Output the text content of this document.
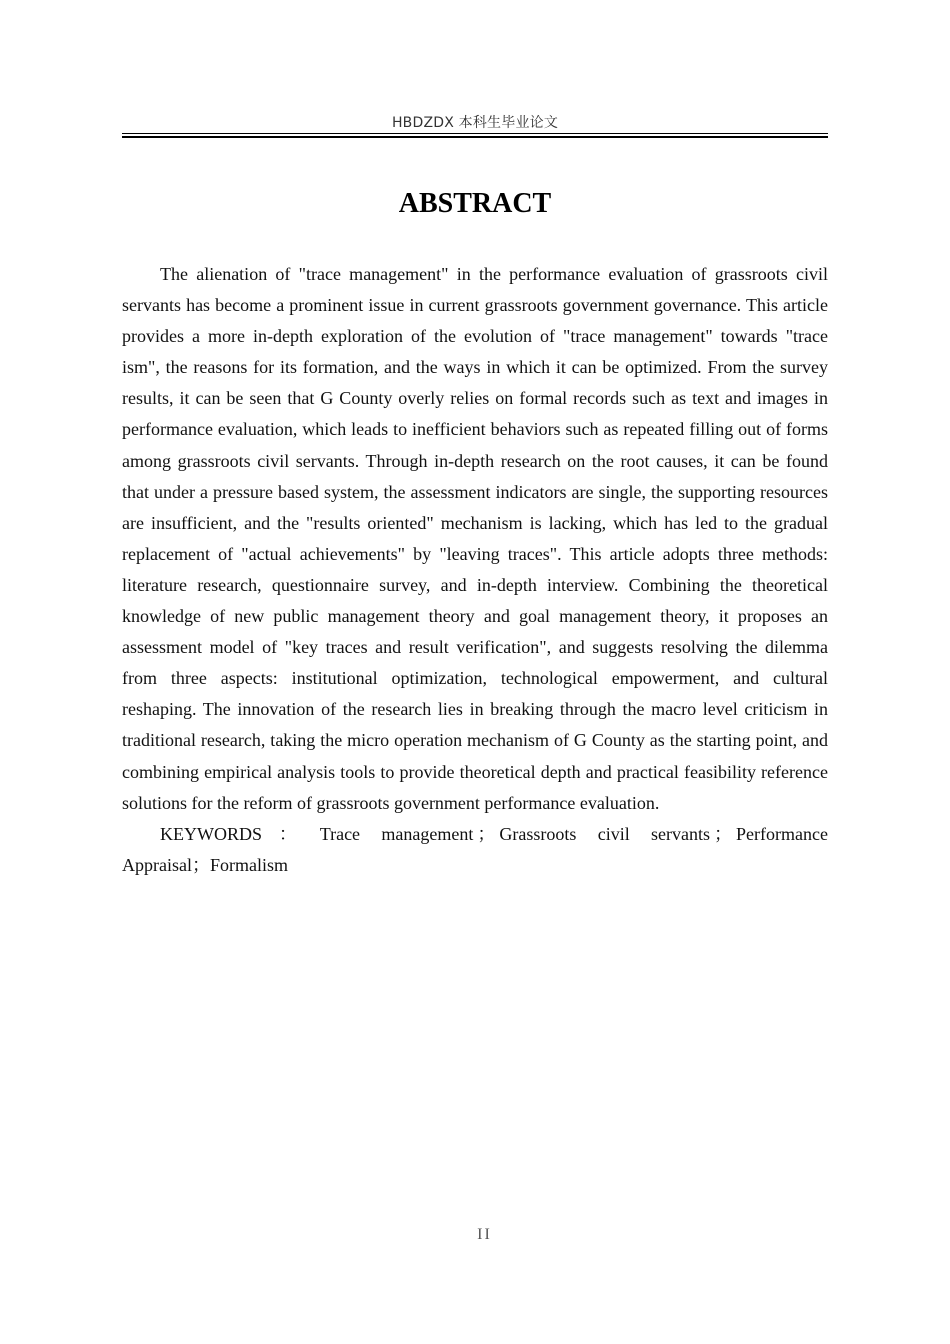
HBDZDX 本科生毕业论文
ABSTRACT

The alienation of "trace management" in the performance evaluation of grassroots civil servants has become a prominent issue in current grassroots government governance. This article provides a more in-depth exploration of the evolution of "trace management" towards "trace ism", the reasons for its formation, and the ways in which it can be optimized. From the survey results, it can be seen that G County overly relies on formal records such as text and images in performance evaluation, which leads to inefficient behaviors such as repeated filling out of forms among grassroots civil servants. Through in-depth research on the root causes, it can be found that under a pressure based system, the assessment indicators are single, the supporting resources are insufficient, and the "results oriented" mechanism is lacking, which has led to the gradual replacement of "actual achievements" by "leaving traces". This article adopts three methods: literature research, questionnaire survey, and in-depth interview. Combining the theoretical knowledge of new public management theory and goal management theory, it proposes an assessment model of "key traces and result verification", and suggests resolving the dilemma from three aspects: institutional optimization, technological empowerment, and cultural reshaping. The innovation of the research lies in breaking through the macro level criticism in traditional research, taking the micro operation mechanism of G County as the starting point, and combining empirical analysis tools to provide theoretical depth and practical feasibility reference solutions for the reform of grassroots government performance evaluation.

KEYWORDS： Trace management ； Grassroots civil servants ； Performance Appraisal；Formalism

II
